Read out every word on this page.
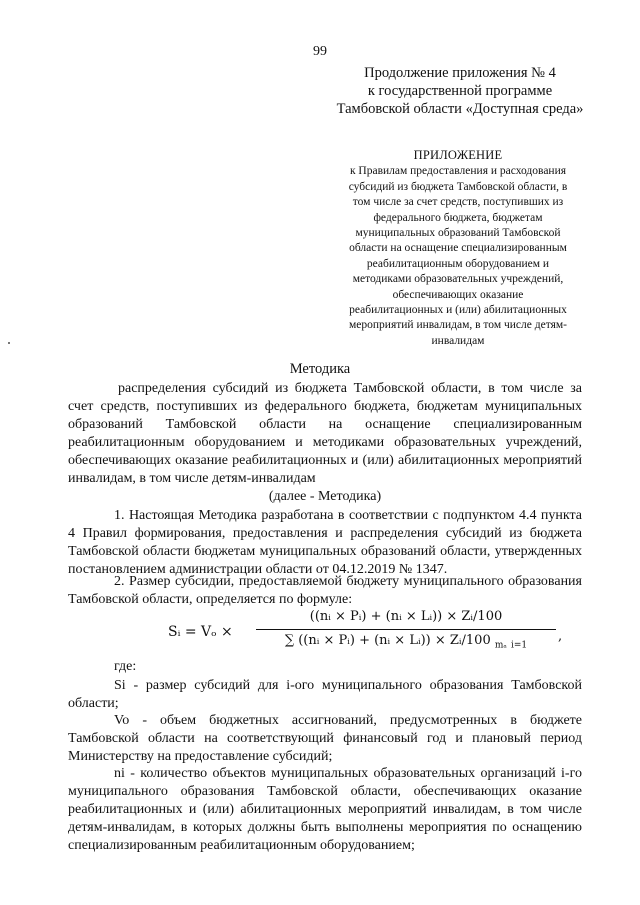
99
Продолжение приложения № 4
к государственной программе
Тамбовской области «Доступная среда»
ПРИЛОЖЕНИЕ
к Правилам предоставления и расходования
субсидий из бюджета Тамбовской области, в
том числе за счет средств, поступивших из
федерального бюджета, бюджетам
муниципальных образований Тамбовской
области на оснащение специализированным
реабилитационным оборудованием и
методиками образовательных учреждений,
обеспечивающих оказание
реабилитационных и (или) абилитационных
мероприятий инвалидам, в том числе детям-
инвалидам
Методика
распределения субсидий из бюджета Тамбовской области, в том числе за счет средств, поступивших из федерального бюджета, бюджетам муниципальных образований Тамбовской области на оснащение специализированным реабилитационным оборудованием и методиками образовательных учреждений, обеспечивающих оказание реабилитационных и (или) абилитационных мероприятий инвалидам, в том числе детям-инвалидам
(далее - Методика)
1. Настоящая Методика разработана в соответствии с подпунктом 4.4 пункта 4 Правил формирования, предоставления и распределения субсидий из бюджета Тамбовской области бюджетам муниципальных образований области, утвержденных постановлением администрации области от 04.12.2019 № 1347.
2. Размер субсидии, предоставляемой бюджету муниципального образования Тамбовской области, определяется по формуле:
Sᵢ = Vₒ ×
((nᵢ × Pᵢ) + (nᵢ × Lᵢ)) × Zᵢ/100
∑ ((nᵢ × Pᵢ) + (nᵢ × Lᵢ)) × Zᵢ/100 $_{m_a}$ $_{i=1}$
,
где:
Si - размер субсидий для i-ого муниципального образования Тамбовской области;
Vo - объем бюджетных ассигнований, предусмотренных в бюджете Тамбовской области на соответствующий финансовый год и плановый период Министерству на предоставление субсидий;
ni - количество объектов муниципальных образовательных организаций i-го муниципального образования Тамбовской области, обеспечивающих оказание реабилитационных и (или) абилитационных мероприятий инвалидам, в том числе детям-инвалидам, в которых должны быть выполнены мероприятия по оснащению специализированным реабилитационным оборудованием;
